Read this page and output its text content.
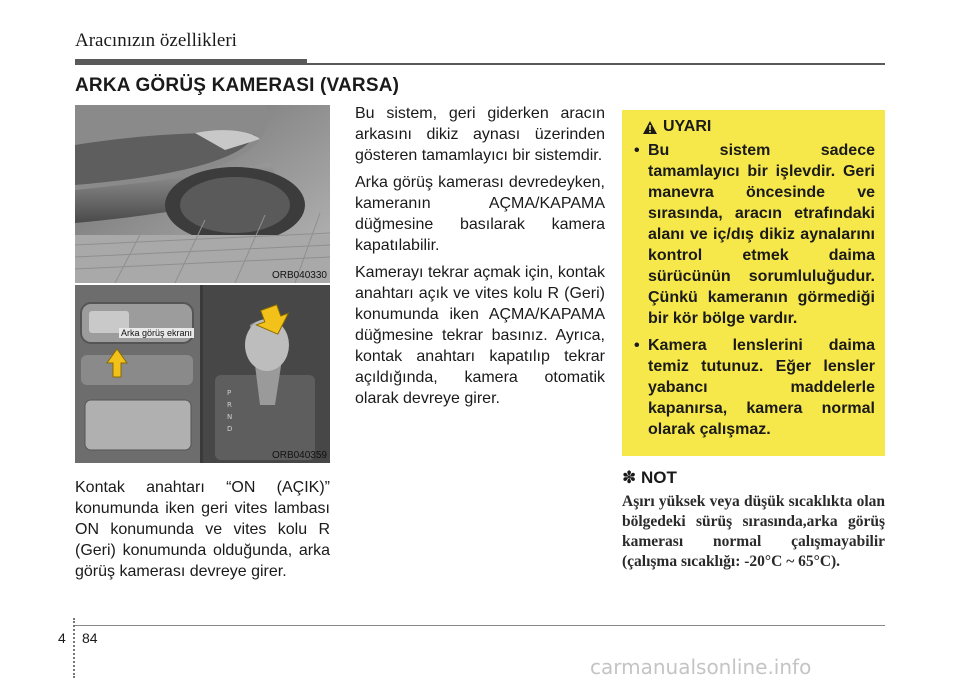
Aracınızın özellikleri
ARKA GÖRÜŞ KAMERASI (VARSA)
ORB040330
P
R
N
D
Arka görüş ekranı
ORB040359
Kontak anahtarı “ON (AÇIK)” konumunda iken geri vites lambası ON konumunda ve vites kolu R (Geri) konumunda olduğunda, arka görüş kamerası devreye girer.

Bu sistem, geri giderken aracın arkasını dikiz aynası üzerinden gösteren tamamlayıcı bir sistemdir.

Arka görüş kamerası devredeyken, kameranın AÇMA/KAPAMA düğmesine basılarak kamera kapatılabilir.

Kamerayı tekrar açmak için, kontak anahtarı açık ve vites kolu R (Geri) konumunda iken AÇMA/KAPAMA düğmesine tekrar basınız. Ayrıca, kontak anahtarı kapatılıp tekrar açıldığında, kamera otomatik olarak devreye girer.

UYARI
• Bu sistem sadece tamamlayıcı bir işlevdir. Geri manevra öncesinde ve sırasında, aracın etrafındaki alanı ve iç/dış dikiz aynalarını kontrol etmek daima sürücünün sorumluluğudur. Çünkü kameranın görmediği bir kör bölge vardır.
• Kamera lenslerini daima temiz tutunuz. Eğer lensler yabancı maddelerle kapanırsa, kamera normal olarak çalışmaz.
✽ NOT
Aşırı yüksek veya düşük sıcaklıkta olan bölgedeki sürüş sırasında,arka görüş kamerası normal çalışmayabilir (çalışma sıcaklığı: -20°C ~ 65°C).
4 84
carmanualsonline.info
